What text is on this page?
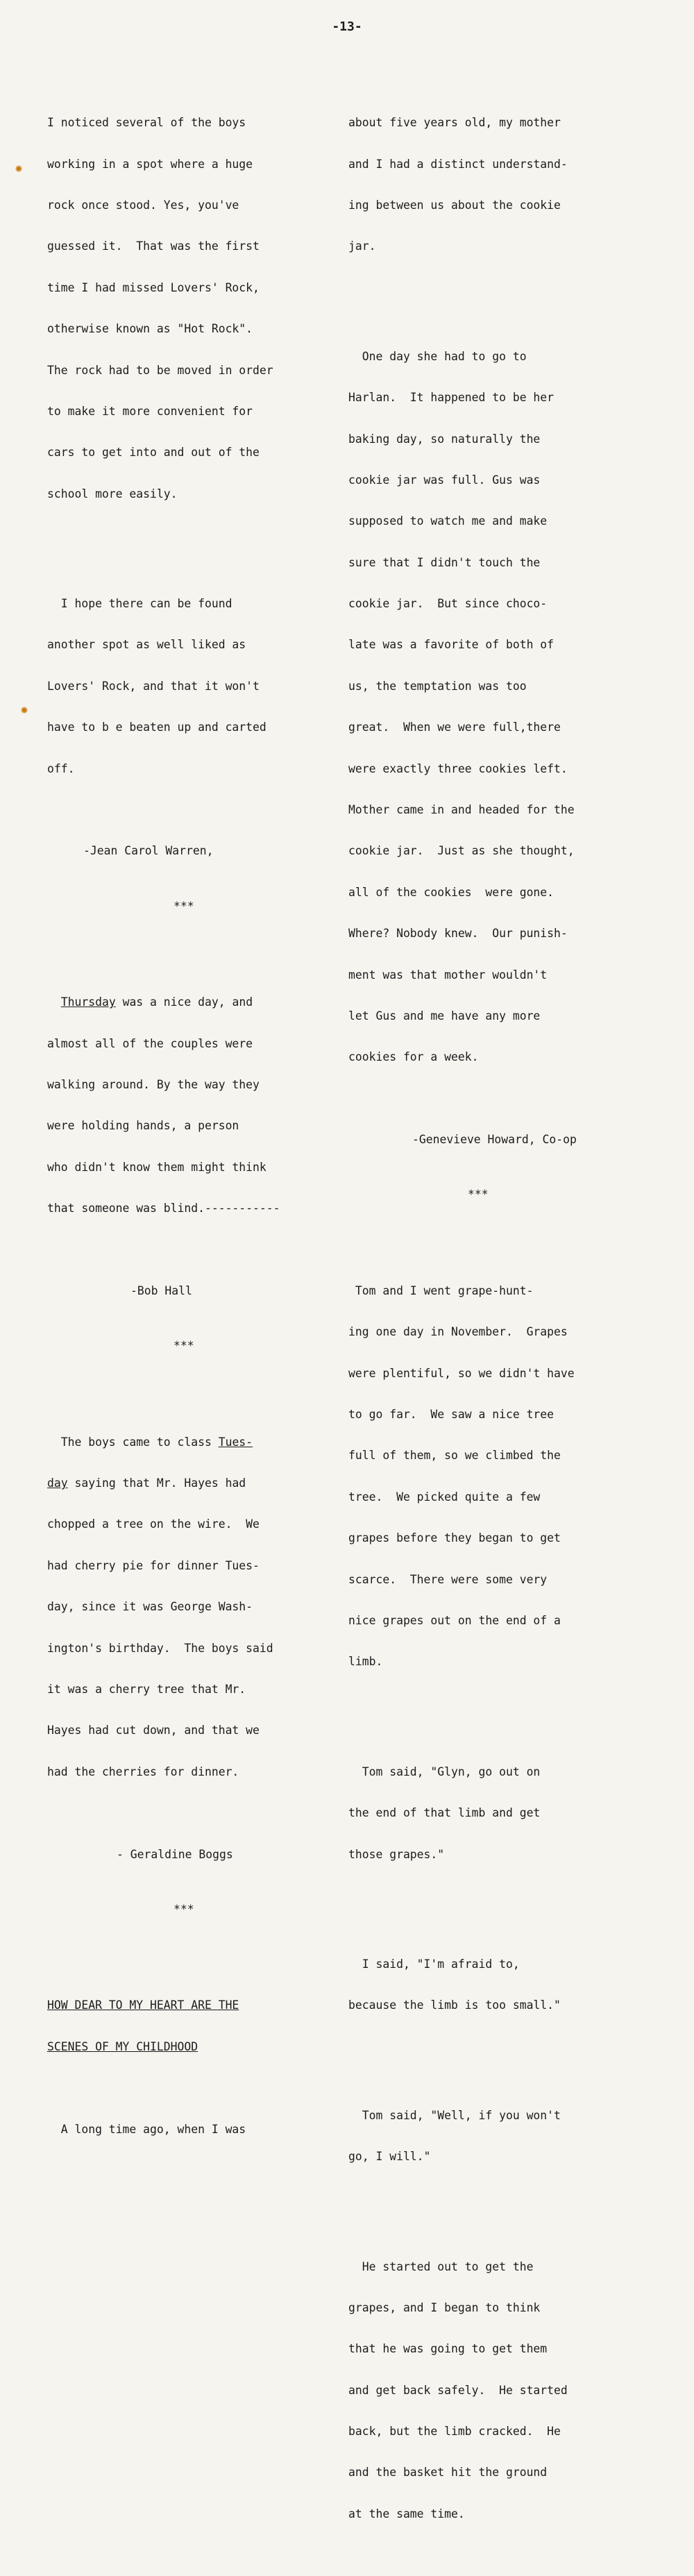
-13-

I noticed several of the boys

working in a spot where a huge

rock once stood. Yes, you've

guessed it.  That was the first

time I had missed Lovers' Rock,

otherwise known as "Hot Rock".

The rock had to be moved in order

to make it more convenient for

cars to get into and out of the

school more easily.

I hope there can be found

another spot as well liked as

Lovers' Rock, and that it won't

have to b e beaten up and carted

off.

-Jean Carol Warren,

***

Thursday was a nice day, and

almost all of the couples were

walking around. By the way they

were holding hands, a person

who didn't know them might think

that someone was blind.-----------

-Bob Hall

***

The boys came to class Tues-

day saying that Mr. Hayes had

chopped a tree on the wire.  We

had cherry pie for dinner Tues-

day, since it was George Wash-

ington's birthday.  The boys said

it was a cherry tree that Mr.

Hayes had cut down, and that we

had the cherries for dinner.

- Geraldine Boggs

***

HOW DEAR TO MY HEART ARE THE

SCENES OF MY CHILDHOOD

A long time ago, when I was

about five years old, my mother

and I had a distinct understand-

ing between us about the cookie

jar.

One day she had to go to

Harlan.  It happened to be her

baking day, so naturally the

cookie jar was full. Gus was

supposed to watch me and make

sure that I didn't touch the

cookie jar.  But since choco-

late was a favorite of both of

us, the temptation was too

great.  When we were full,there

were exactly three cookies left.

Mother came in and headed for the

cookie jar.  Just as she thought,

all of the cookies  were gone.

Where? Nobody knew.  Our punish-

ment was that mother wouldn't

let Gus and me have any more

cookies for a week.

-Genevieve Howard, Co-op

***

Tom and I went grape-hunt-

ing one day in November.  Grapes

were plentiful, so we didn't have

to go far.  We saw a nice tree

full of them, so we climbed the

tree.  We picked quite a few

grapes before they began to get

scarce.  There were some very

nice grapes out on the end of a

limb.

Tom said, "Glyn, go out on

the end of that limb and get

those grapes."

I said, "I'm afraid to,

because the limb is too small."

Tom said, "Well, if you won't

go, I will."

He started out to get the

grapes, and I began to think

that he was going to get them

and get back safely.  He started

back, but the limb cracked.  He

and the basket hit the ground

at the same time.
